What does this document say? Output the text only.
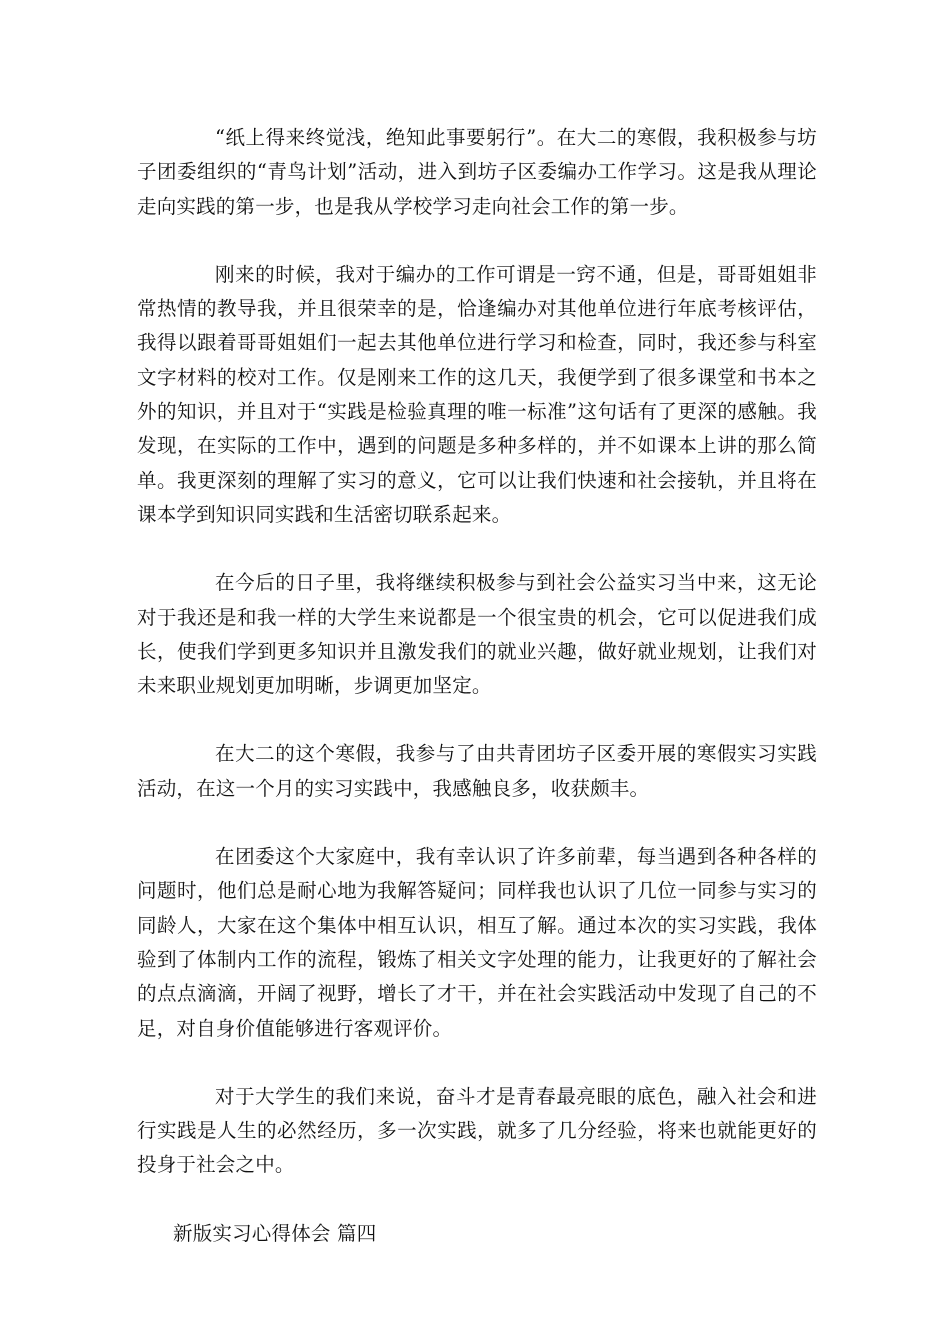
“纸上得来终觉浅，绝知此事要躬行”。在大二的寒假，我积极参与坊子团委组织的“青鸟计划”活动，进入到坊子区委编办工作学习。这是我从理论走向实践的第一步，也是我从学校学习走向社会工作的第一步。

刚来的时候，我对于编办的工作可谓是一窍不通，但是，哥哥姐姐非常热情的教导我，并且很荣幸的是，恰逢编办对其他单位进行年底考核评估，我得以跟着哥哥姐姐们一起去其他单位进行学习和检查，同时，我还参与科室文字材料的校对工作。仅是刚来工作的这几天，我便学到了很多课堂和书本之外的知识，并且对于“实践是检验真理的唯一标准”这句话有了更深的感触。我发现，在实际的工作中，遇到的问题是多种多样的，并不如课本上讲的那么简单。我更深刻的理解了实习的意义，它可以让我们快速和社会接轨，并且将在课本学到知识同实践和生活密切联系起来。

在今后的日子里，我将继续积极参与到社会公益实习当中来，这无论对于我还是和我一样的大学生来说都是一个很宝贵的机会，它可以促进我们成长，使我们学到更多知识并且激发我们的就业兴趣，做好就业规划，让我们对未来职业规划更加明晰，步调更加坚定。

在大二的这个寒假，我参与了由共青团坊子区委开展的寒假实习实践活动，在这一个月的实习实践中，我感触良多，收获颇丰。

在团委这个大家庭中，我有幸认识了许多前辈，每当遇到各种各样的问题时，他们总是耐心地为我解答疑问；同样我也认识了几位一同参与实习的同龄人，大家在这个集体中相互认识，相互了解。通过本次的实习实践，我体验到了体制内工作的流程，锻炼了相关文字处理的能力，让我更好的了解社会的点点滴滴，开阔了视野，增长了才干，并在社会实践活动中发现了自己的不足，对自身价值能够进行客观评价。

对于大学生的我们来说，奋斗才是青春最亮眼的底色，融入社会和进行实践是人生的必然经历，多一次实践，就多了几分经验，将来也就能更好的投身于社会之中。

新版实习心得体会 篇四
